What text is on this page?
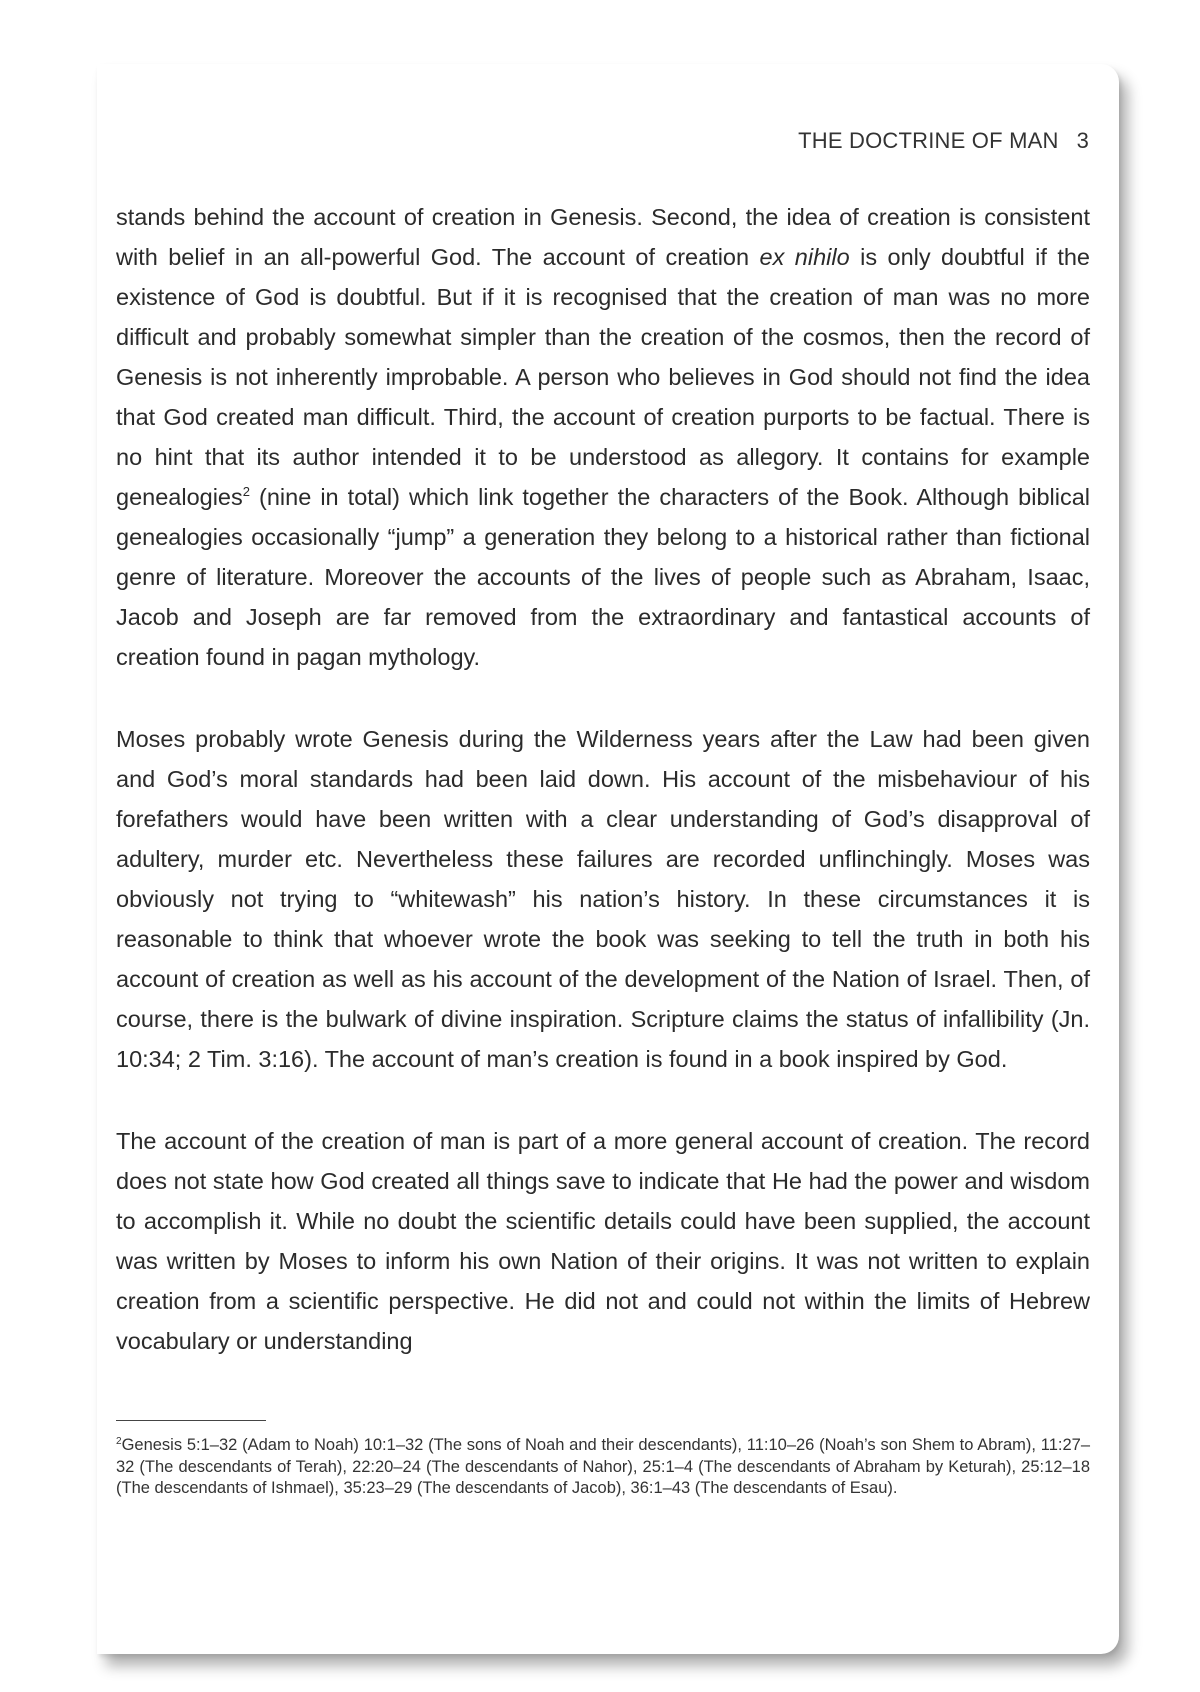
THE DOCTRINE OF MAN 3

stands behind the account of creation in Genesis. Second, the idea of creation is consistent with belief in an all-powerful God. The account of creation ex nihilo is only doubtful if the existence of God is doubtful. But if it is recognised that the creation of man was no more difficult and probably somewhat simpler than the creation of the cosmos, then the record of Genesis is not inherently improbable. A person who believes in God should not find the idea that God created man difficult. Third, the account of creation purports to be factual. There is no hint that its author intended it to be understood as allegory. It contains for example genealogies$^2$ (nine in total) which link together the characters of the Book. Although biblical genealogies occasionally “jump” a generation they belong to a historical rather than fictional genre of literature. Moreover the accounts of the lives of people such as Abraham, Isaac, Jacob and Joseph are far removed from the extraordinary and fantastical accounts of creation found in pagan mythology.

Moses probably wrote Genesis during the Wilderness years after the Law had been given and God’s moral standards had been laid down. His account of the misbehaviour of his forefathers would have been written with a clear understanding of God’s disapproval of adultery, murder etc. Nevertheless these failures are recorded unflinchingly. Moses was obviously not trying to “whitewash” his nation’s history. In these circumstances it is reasonable to think that whoever wrote the book was seeking to tell the truth in both his account of creation as well as his account of the development of the Nation of Israel. Then, of course, there is the bulwark of divine inspiration. Scripture claims the status of infallibility (Jn. 10:34; 2 Tim. 3:16). The account of man’s creation is found in a book inspired by God.

The account of the creation of man is part of a more general account of creation. The record does not state how God created all things save to indicate that He had the power and wisdom to accomplish it. While no doubt the scientific details could have been supplied, the account was written by Moses to inform his own Nation of their origins. It was not written to explain creation from a scientific perspective. He did not and could not within the limits of Hebrew vocabulary or understanding

$^2$Genesis 5:1–32 (Adam to Noah) 10:1–32 (The sons of Noah and their descendants), 11:10–26 (Noah’s son Shem to Abram), 11:27–32 (The descendants of Terah), 22:20–24 (The descendants of Nahor), 25:1–4 (The descendants of Abraham by Keturah), 25:12–18 (The descendants of Ishmael), 35:23–29 (The descendants of Jacob), 36:1–43 (The descendants of Esau).
